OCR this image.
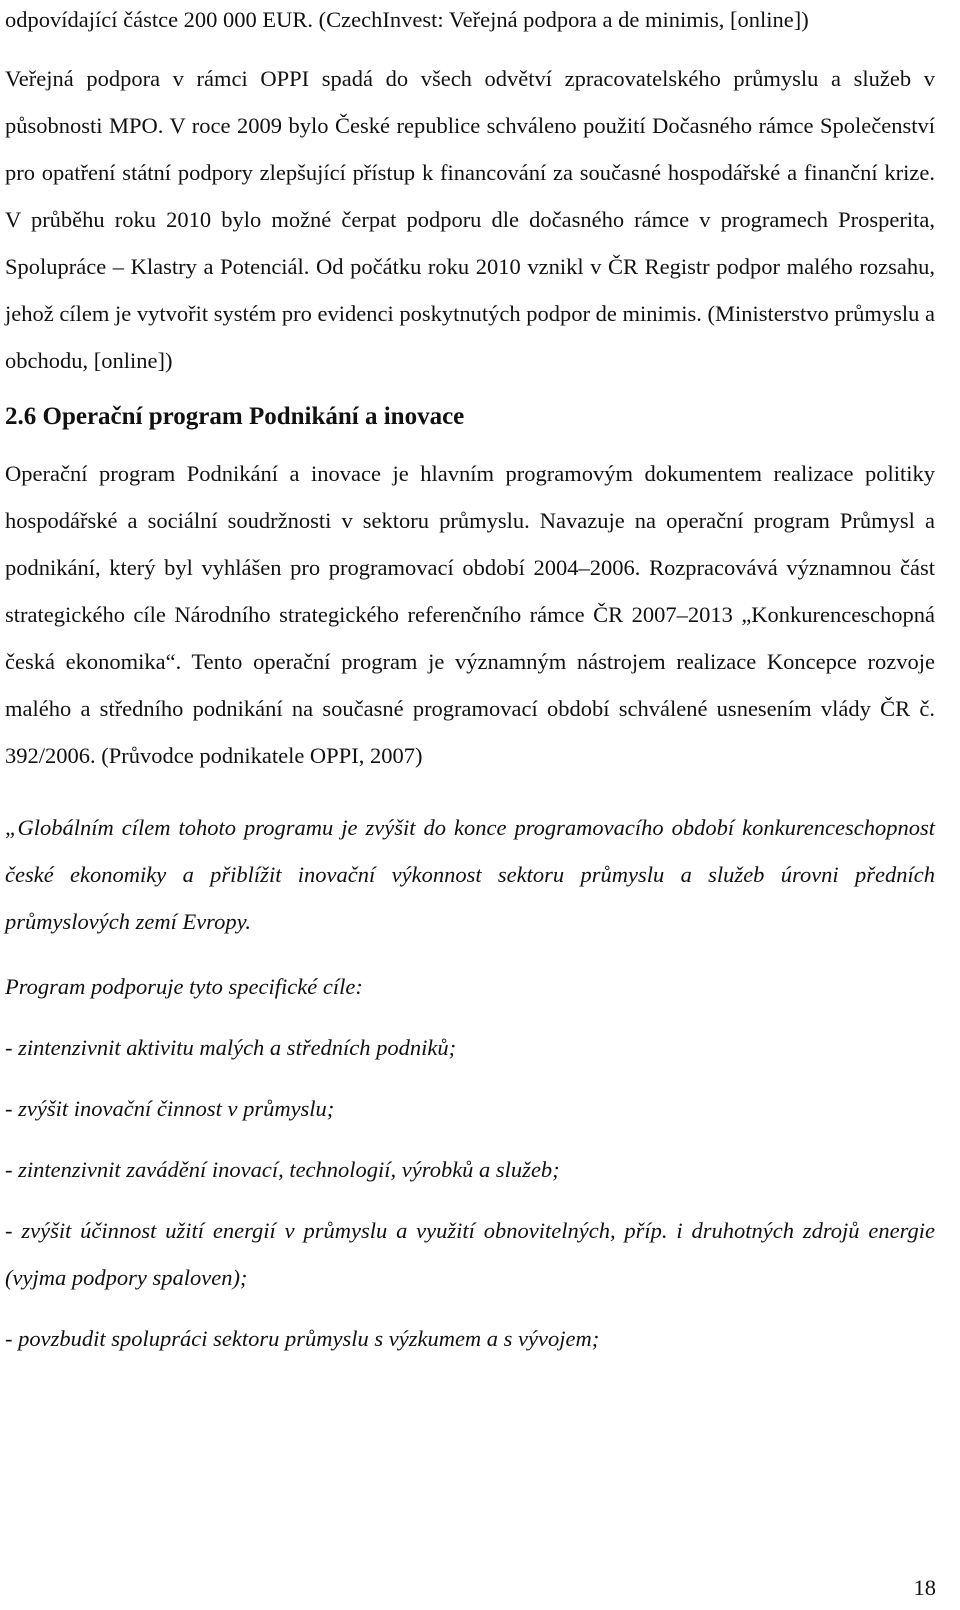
odpovídající částce 200 000 EUR. (CzechInvest: Veřejná podpora a de minimis, [online])

Veřejná podpora v rámci OPPI spadá do všech odvětví zpracovatelského průmyslu a služeb v působnosti MPO. V roce 2009 bylo České republice schváleno použití Dočasného rámce Společenství pro opatření státní podpory zlepšující přístup k financování za současné hospodářské a finanční krize. V průběhu roku 2010 bylo možné čerpat podporu dle dočasného rámce v programech Prosperita, Spolupráce – Klastry a Potenciál. Od počátku roku 2010 vznikl v ČR Registr podpor malého rozsahu, jehož cílem je vytvořit systém pro evidenci poskytnutých podpor de minimis. (Ministerstvo průmyslu a obchodu, [online])

2.6 Operační program Podnikání a inovace

Operační program Podnikání a inovace je hlavním programovým dokumentem realizace politiky hospodářské a sociální soudržnosti v sektoru průmyslu. Navazuje na operační program Průmysl a podnikání, který byl vyhlášen pro programovací období 2004–2006. Rozpracovává významnou část strategického cíle Národního strategického referenčního rámce ČR 2007–2013 „Konkurenceschopná česká ekonomika“. Tento operační program je významným nástrojem realizace Koncepce rozvoje malého a středního podnikání na současné programovací období schválené usnesením vlády ČR č. 392/2006. (Průvodce podnikatele OPPI, 2007)

„Globálním cílem tohoto programu je zvýšit do konce programovacího období konkurenceschopnost české ekonomiky a přiblížit inovační výkonnost sektoru průmyslu a služeb úrovni předních průmyslových zemí Evropy.

Program podporuje tyto specifické cíle:

- zintenzivnit aktivitu malých a středních podniků;

- zvýšit inovační činnost v průmyslu;

- zintenzivnit zavádění inovací, technologií, výrobků a služeb;

- zvýšit účinnost užití energií v průmyslu a využití obnovitelných, příp. i druhotných zdrojů energie (vyjma podpory spaloven);

- povzbudit spolupráci sektoru průmyslu s výzkumem a s vývojem;

18
